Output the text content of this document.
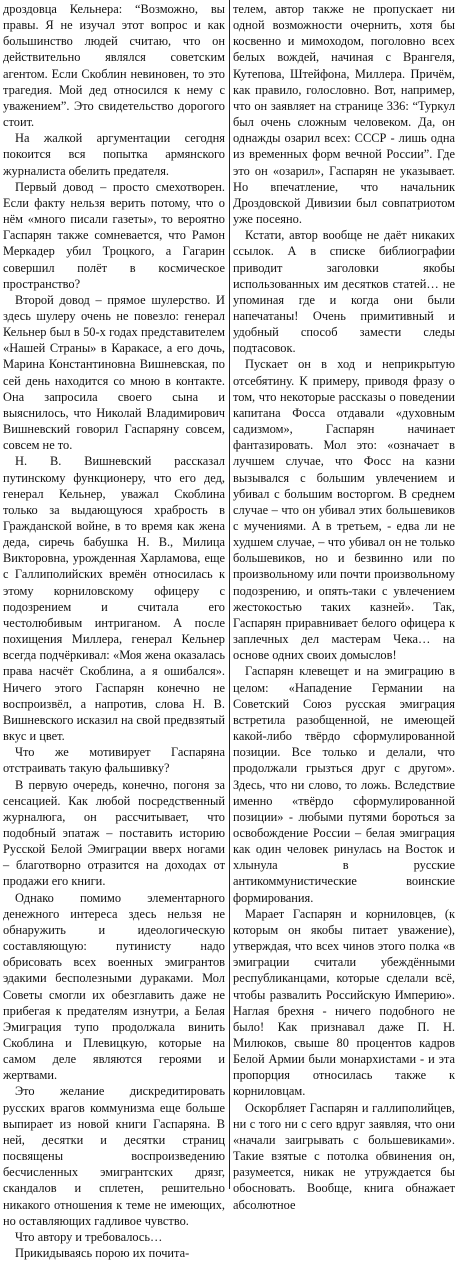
дроздовца Кельнера: “Возможно, вы правы. Я не изучал этот вопрос и как большинство людей считаю, что он действительно являлся советским агентом. Если Скоблин невиновен, то это трагедия. Мой дед относился к нему с уважением”. Это свидетельство дорогого стоит.

На жалкой аргументации сегодня покоится вся попытка армянского журналиста обелить предателя.

Первый довод – просто смехотворен. Если факту нельзя верить потому, что о нём «много писали газеты», то вероятно Гаспарян также сомневается, что Рамон Меркадер убил Троцкого, а Гагарин совершил полёт в космическое пространство?

Второй довод – прямое шулерство. И здесь шулеру очень не повезло: генерал Кельнер был в 50-х годах представителем «Нашей Страны» в Каракасе, а его дочь, Марина Константиновна Вишневская, по сей день находится со мною в контакте. Она запросила своего сына и выяснилось, что Николай Владимирович Вишневский говорил Гаспаряну совсем, совсем не то.

Н. В. Вишневский рассказал путинскому функционеру, что его дед, генерал Кельнер, уважал Скоблина только за выдающуюся храбрость в Гражданской войне, в то время как жена деда, сиречь бабушка Н. В., Милица Викторовна, урожденная Харламова, еще с Галлиполийских времён относилась к этому корниловскому офицеру с подозрением и считала его честолюбивым интриганом. А после похищения Миллера, генерал Кельнер всегда подчёркивал: «Моя жена оказалась права насчёт Скоблина, а я ошибался». Ничего этого Гаспарян конечно не воспроизвёл, а напротив, слова Н. В. Вишневского исказил на свой предвзятый вкус и цвет.

Что же мотивирует Гаспаряна отстраивать такую фальшивку?

В первую очередь, конечно, погоня за сенсацией. Как любой посредственный журналюга, он рассчитывает, что подобный эпатаж – поставить историю Русской Белой Эмиграции вверх ногами – благотворно отразится на доходах от продажи его книги.

Однако помимо элементарного денежного интереса здесь нельзя не обнаружить и идеологическую составляющую: путинисту надо обрисовать всех военных эмигрантов эдакими бесполезными дураками. Мол Советы смогли их обезглавить даже не прибегая к предателям изнутри, а Белая Эмиграция тупо продолжала винить Скоблина и Плевицкую, которые на самом деле являются героями и жертвами.

Это желание дискредитировать русских врагов коммунизма еще больше выпирает из новой книги Гаспаряна. В ней, десятки и десятки страниц посвящены воспроизведению бесчисленных эмигрантских дрязг, скандалов и сплетен, решительно никакого отношения к теме не имеющих, но оставляющих гадливое чувство.

Что автору и требовалось…

Прикидываясь порою их почита-

телем, автор также не пропускает ни одной возможности очернить, хотя бы косвенно и мимоходом, поголовно всех белых вождей, начиная с Врангеля, Кутепова, Штейфона, Миллера. Причём, как правило, голословно. Вот, например, что он заявляет на странице 336: “Туркул был очень сложным человеком. Да, он однажды озарил всех: СССР - лишь одна из временных форм вечной России”. Где это он «озарил», Гаспарян не указывает. Но впечатление, что начальник Дроздовской Дивизии был совпатриотом уже посеяно.

Кстати, автор вообще не даёт никаких ссылок. А в списке библиографии приводит заголовки якобы использованных им десятков статей… не упоминая где и когда они были напечатаны! Очень примитивный и удобный способ замести следы подтасовок.

Пускает он в ход и неприкрытую отсебятину. К примеру, приводя фразу о том, что некоторые рассказы о поведении капитана Фосса отдавали «духовным садизмом», Гаспарян начинает фантазировать. Мол это: «означает в лучшем случае, что Фосс на казни вызывался с большим увлечением и убивал с большим восторгом. В среднем случае – что он убивал этих большевиков с мучениями. А в третьем, - едва ли не худшем случае, – что убивал он не только большевиков, но и безвинно или по произвольному или почти произвольному подозрению, и опять-таки с увлечением жестокостью таких казней». Так, Гаспарян приравнивает белого офицера к заплечных дел мастерам Чека… на основе одних своих домыслов!

Гаспарян клевещет и на эмиграцию в целом: «Нападение Германии на Советский Союз русская эмиграция встретила разобщенной, не имеющей какой-либо твёрдо сформулированной позиции. Все только и делали, что продолжали грызться друг с другом». Здесь, что ни слово, то ложь. Вследствие именно «твёрдо сформулированной позиции» - любыми путями бороться за освобождение России – белая эмиграция как один человек ринулась на Восток и хлынула в русские антикоммунистические воинские формирования.

Марает Гаспарян и корниловцев, (к которым он якобы питает уважение), утверждая, что всех чинов этого полка «в эмиграции считали убеждёнными республиканцами, которые сделали всё, чтобы развалить Российскую Империю». Наглая брехня - ничего подобного не было! Как признавал даже П. Н. Милюков, свыше 80 процентов кадров Белой Армии были монархистами - и эта пропорция относилась также к корниловцам.

Оскорбляет Гаспарян и галлиполийцев, ни с того ни с сего вдруг заявляя, что они «начали заигрывать с большевиками». Такие взятые с потолка обвинения он, разумеется, никак не утруждается бы обосновать. Вообще, книга обнажает абсолютное
